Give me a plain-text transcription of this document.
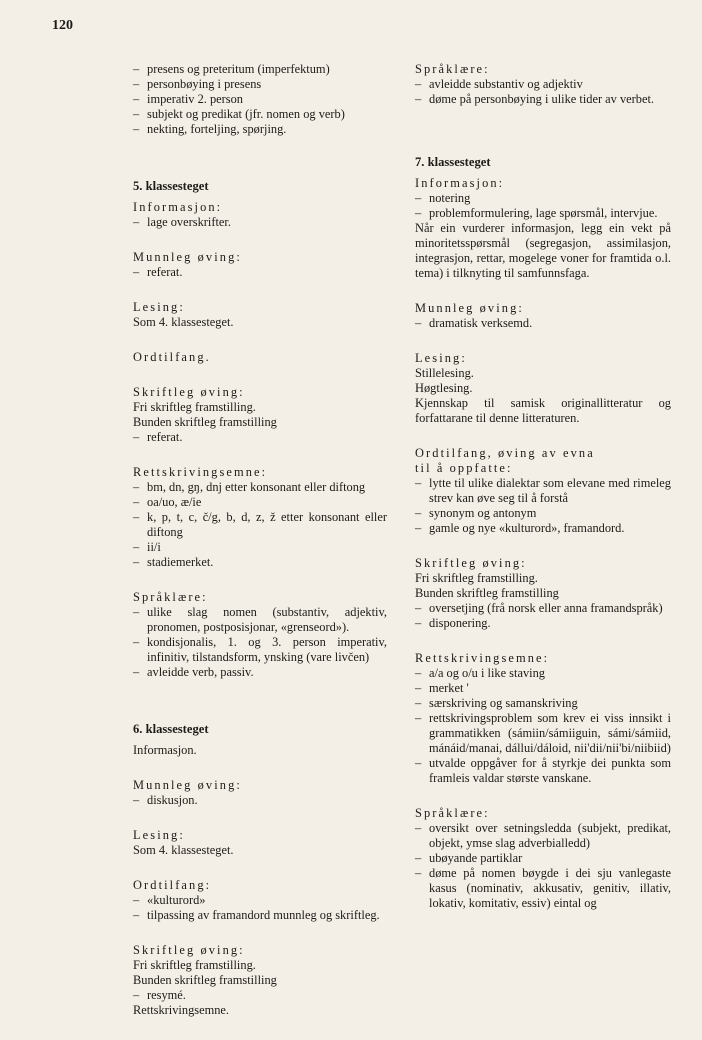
120
– presens og preteritum (imperfektum)
– personbøying i presens
– imperativ 2. person
– subjekt og predikat (jfr. nomen og verb)
– nekting, forteljing, spørjing.
5. klassesteget
Informasjon:
– lage overskrifter.
Munnleg øving:
– referat.
Lesing:
Som 4. klassesteget.
Ordtilfang.
Skriftleg øving:
Fri skriftleg framstilling.
Bunden skriftleg framstilling
– referat.
Rettskrivingsemne:
– bm, dn, gŋ, dnj etter konsonant eller diftong
– oa/uo, æ/ie
– k, p, t, c, č/g, b, d, z, ž etter konsonant eller diftong
– ii/i
– stadiemerket.
Språklære:
– ulike slag nomen (substantiv, adjektiv, pronomen, postposisjonar, «grenseord»).
– kondisjonalis, 1. og 3. person imperativ, infinitiv, tilstandsform, ynsking (vare livčen)
– avleidde verb, passiv.
6. klassesteget
Informasjon.
Munnleg øving:
– diskusjon.
Lesing:
Som 4. klassesteget.
Ordtilfang:
– «kulturord»
– tilpassing av framandord munnleg og skriftleg.
Skriftleg øving:
Fri skriftleg framstilling.
Bunden skriftleg framstilling
– resymé.
Rettskrivingsemne.
Språklære:
– avleidde substantiv og adjektiv
– døme på personbøying i ulike tider av verbet.
7. klassesteget
Informasjon:
– notering
– problemformulering, lage spørsmål, intervjue.
Når ein vurderer informasjon, legg ein vekt på minoritetsspørsmål (segregasjon, assimilasjon, integrasjon, rettar, mogelege voner for framtida o.l. tema) i tilknyting til samfunnsfaga.
Munnleg øving:
– dramatisk verksemd.
Lesing:
Stillelesing.
Høgtlesing.
Kjennskap til samisk originallitteratur og forfattarane til denne litteraturen.
Ordtilfang, øving av evna
til å oppfatte:
– lytte til ulike dialektar som elevane med rimeleg strev kan øve seg til å forstå
– synonym og antonym
– gamle og nye «kulturord», framandord.
Skriftleg øving:
Fri skriftleg framstilling.
Bunden skriftleg framstilling
– oversetjing (frå norsk eller anna framandspråk)
– disponering.
Rettskrivingsemne:
– a/a og o/u i like staving
– merket '
– særskriving og samanskriving
– rettskrivingsproblem som krev ei viss innsikt i grammatikken (sámiin/sámiiguin, sámi/sámiid, mánáid/manai, dállui/dáloid, nii'dii/nii'bi/niibiid)
– utvalde oppgåver for å styrkje dei punkta som framleis valdar største vanskane.
Språklære:
– oversikt over setningsledda (subjekt, predikat, objekt, ymse slag adverbialledd)
– ubøyande partiklar
– døme på nomen bøygde i dei sju vanlegaste kasus (nominativ, akkusativ, genitiv, illativ, lokativ, komitativ, essiv) eintal og
